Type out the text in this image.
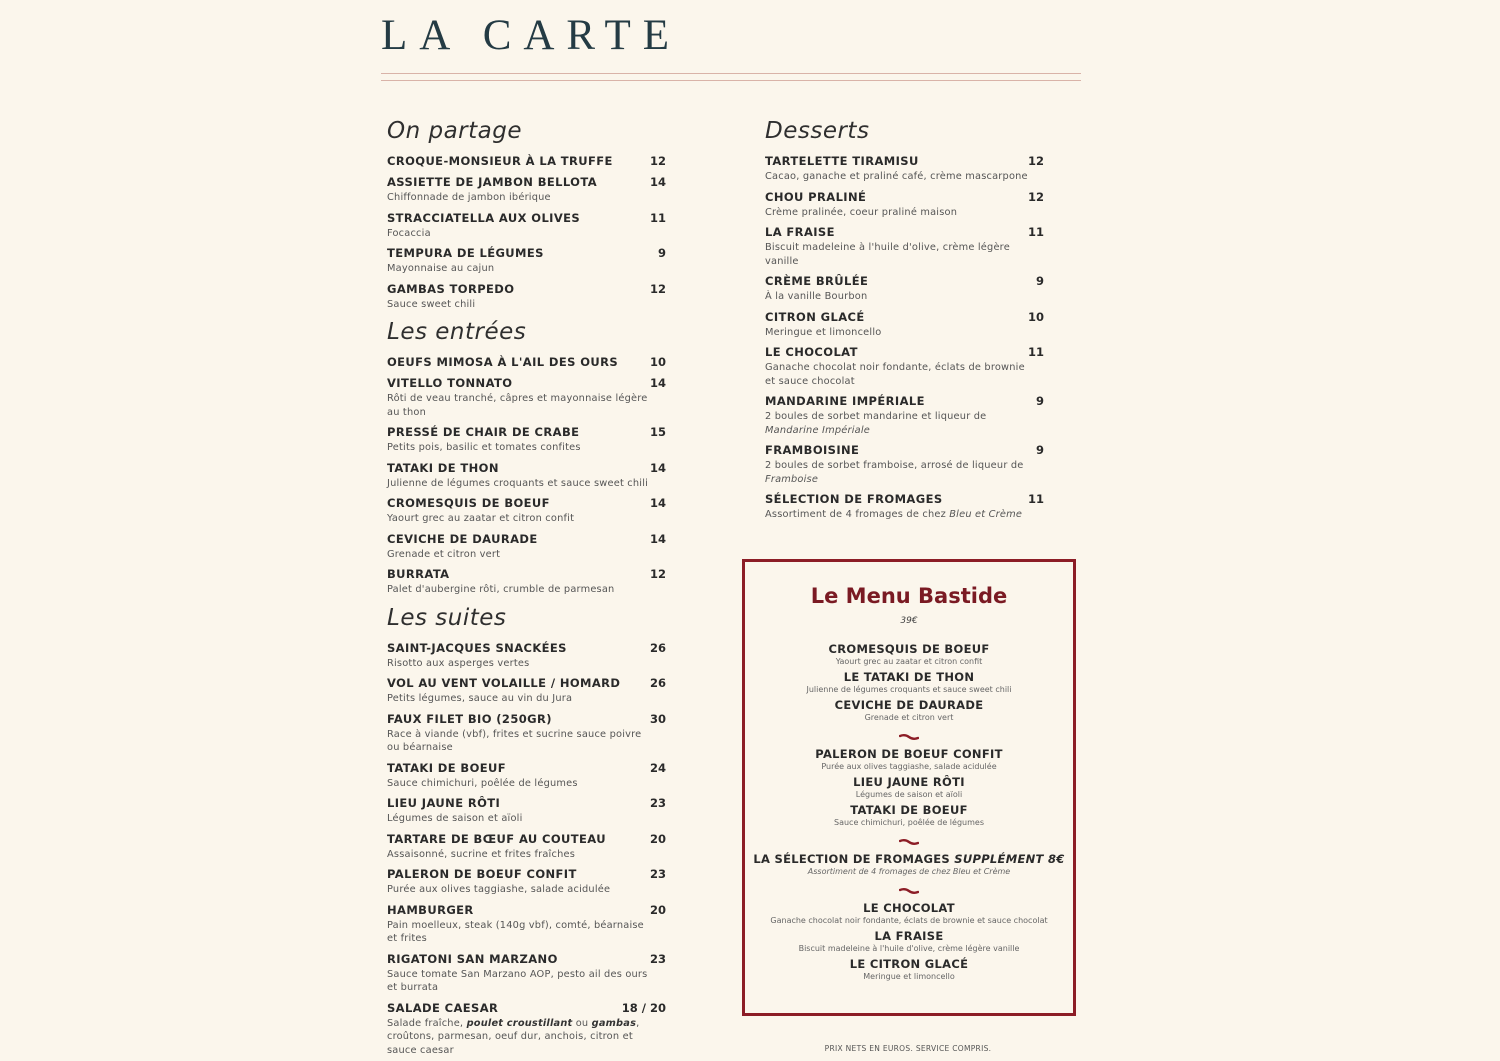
LA CARTE
On partage
CROQUE-MONSIEUR À LA TRUFFE	12
ASSIETTE DE JAMBON BELLOTA	14
Chiffonnade de jambon ibérique
STRACCIATELLA AUX OLIVES	11
Focaccia
TEMPURA DE LÉGUMES	9
Mayonnaise au cajun
GAMBAS TORPEDO	12
Sauce sweet chili
Les entrées
OEUFS MIMOSA À L'AIL DES OURS	10
VITELLO TONNATO	14
Rôti de veau tranché, câpres et mayonnaise légère au thon
PRESSÉ DE CHAIR DE CRABE	15
Petits pois, basilic et tomates confites
TATAKI DE THON	14
Julienne de légumes croquants et sauce sweet chili
CROMESQUIS DE BOEUF	14
Yaourt grec au zaatar et citron confit
CEVICHE DE DAURADE	14
Grenade et citron vert
BURRATA	12
Palet d'aubergine rôti, crumble de parmesan
Les suites
SAINT-JACQUES SNACKÉES	26
Risotto aux asperges vertes
VOL AU VENT VOLAILLE / HOMARD	26
Petits légumes, sauce au vin du Jura
FAUX FILET BIO (250GR)	30
Race à viande (vbf), frites et sucrine sauce poivre ou béarnaise
TATAKI DE BOEUF	24
Sauce chimichuri, poêlée de légumes
LIEU JAUNE RÔTI	23
Légumes de saison et aïoli
TARTARE DE BŒUF AU COUTEAU	20
Assaisonné, sucrine et frites fraîches
PALERON DE BOEUF CONFIT	23
Purée aux olives taggiashe, salade acidulée
HAMBURGER	20
Pain moelleux, steak (140g vbf), comté, béarnaise et frites
RIGATONI SAN MARZANO	23
Sauce tomate San Marzano AOP, pesto ail des ours et burrata
SALADE CAESAR	18 / 20
Salade fraîche, poulet croustillant ou gambas, croûtons, parmesan, oeuf dur, anchois, citron et sauce caesar
Desserts
TARTELETTE TIRAMISU	12
Cacao, ganache et praliné café, crème mascarpone
CHOU PRALINÉ	12
Crème pralinée, coeur praliné maison
LA FRAISE	11
Biscuit madeleine à l'huile d'olive, crème légère vanille
CRÈME BRÛLÉE	9
À la vanille Bourbon
CITRON GLACÉ	10
Meringue et limoncello
LE CHOCOLAT	11
Ganache chocolat noir fondante, éclats de brownie et sauce chocolat
MANDARINE IMPÉRIALE	9
2 boules de sorbet mandarine et liqueur de Mandarine Impériale
FRAMBOISINE	9
2 boules de sorbet framboise, arrosé de liqueur de Framboise
SÉLECTION DE FROMAGES	11
Assortiment de 4 fromages de chez Bleu et Crème
Le Menu Bastide
39€
CROMESQUIS DE BOEUF
Yaourt grec au zaatar et citron confit
LE TATAKI DE THON
Julienne de légumes croquants et sauce sweet chili
CEVICHE DE DAURADE
Grenade et citron vert
PALERON DE BOEUF CONFIT
Purée aux olives taggiashe, salade acidulée
LIEU JAUNE RÔTI
Légumes de saison et aïoli
TATAKI DE BOEUF
Sauce chimichuri, poêlée de légumes
LA SÉLECTION DE FROMAGES SUPPLÉMENT 8€
Assortiment de 4 fromages de chez Bleu et Crème
LE CHOCOLAT
Ganache chocolat noir fondante, éclats de brownie et sauce chocolat
LA FRAISE
Biscuit madeleine à l'huile d'olive, crème légère vanille
LE CITRON GLACÉ
Meringue et limoncello
PRIX NETS EN EUROS. SERVICE COMPRIS.
